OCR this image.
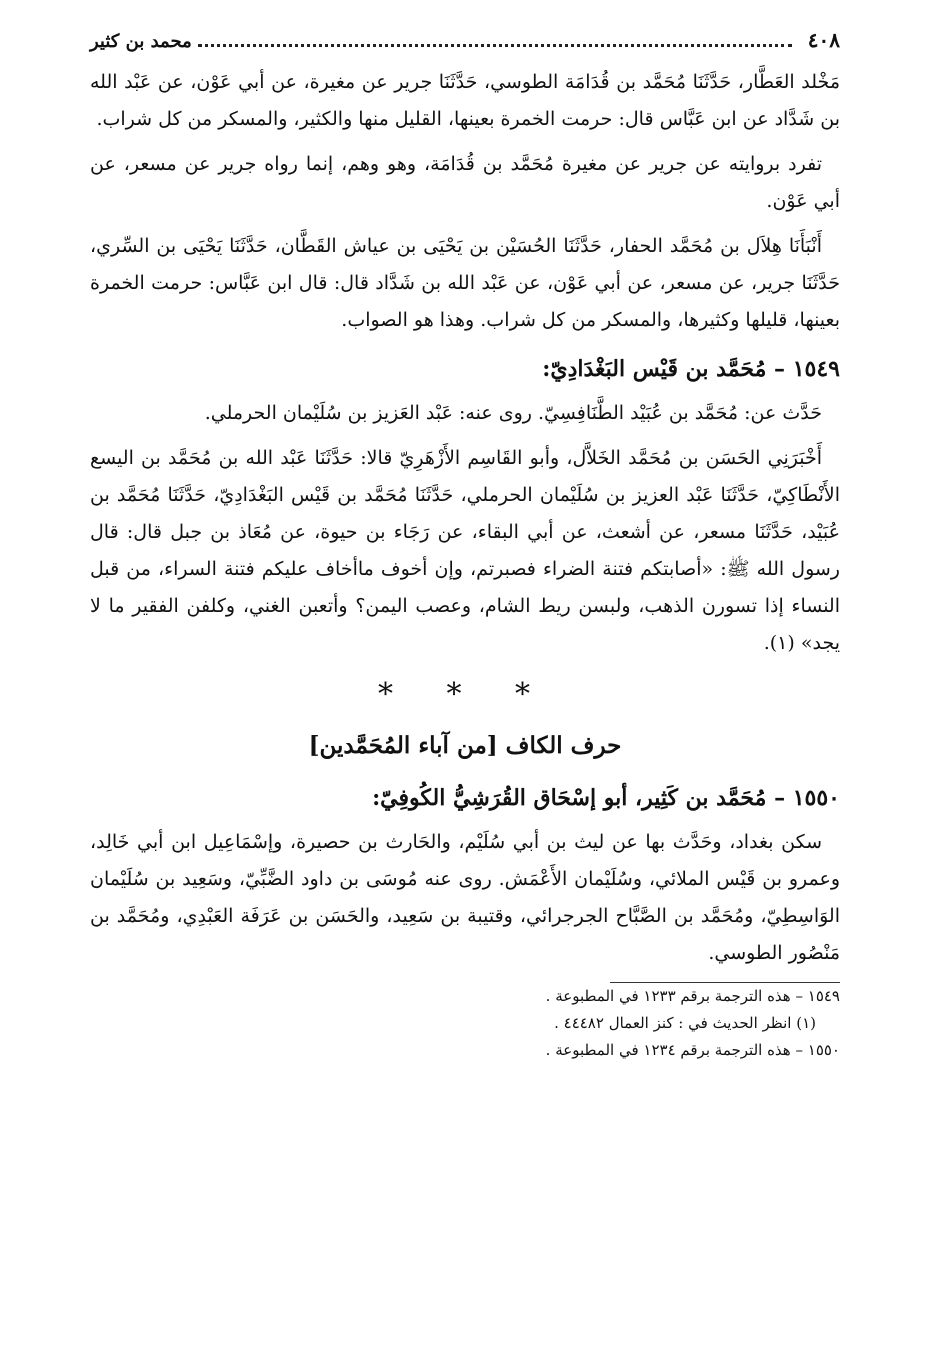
٤٠٨
محمد بن كثير

مَخْلد العَطَّار، حَدَّثَنَا مُحَمَّد بن قُدَامَة الطوسي، حَدَّثَنَا جرير عن مغيرة، عن أبي عَوْن، عن عَبْد الله بن شَدَّاد عن ابن عَبَّاس قال: حرمت الخمرة بعينها، القليل منها والكثير، والمسكر من كل شراب.

تفرد بروايته عن جرير عن مغيرة مُحَمَّد بن قُدَامَة، وهو وهم، إنما رواه جرير عن مسعر، عن أبي عَوْن.

أَنْبَأَنَا هِلاَل بن مُحَمَّد الحفار، حَدَّثَنَا الحُسَيْن بن يَحْيَى بن عياش القَطَّان، حَدَّثَنَا يَحْيَى بن السِّري، حَدَّثَنَا جرير، عن مسعر، عن أبي عَوْن، عن عَبْد الله بن شَدَّاد قال: قال ابن عَبَّاس: حرمت الخمرة بعينها، قليلها وكثيرها، والمسكر من كل شراب. وهذا هو الصواب.

١٥٤٩ – مُحَمَّد بن قَيْس البَغْدَادِيّ:

حَدَّث عن: مُحَمَّد بن عُبَيْد الطَّنَافِسِيّ. روى عنه: عَبْد العَزيز بن سُلَيْمان الحرملي.

أَخْبَرَنِي الحَسَن بن مُحَمَّد الخَلاَّل، وأبو القَاسِم الأَزْهَرِيّ قالا: حَدَّثَنَا عَبْد الله بن مُحَمَّد بن اليسع الأَنْطَاكِيّ، حَدَّثَنَا عَبْد العزيز بن سُلَيْمان الحرملي، حَدَّثَنَا مُحَمَّد بن قَيْس البَغْدَادِيّ، حَدَّثَنَا مُحَمَّد بن عُبَيْد، حَدَّثَنَا مسعر، عن أشعث، عن أبي البقاء، عن رَجَاء بن حيوة، عن مُعَاذ بن جبل قال: قال رسول الله ﷺ: «أصابتكم فتنة الضراء فصبرتم، وإن أخوف ماأخاف عليكم فتنة السراء، من قبل النساء إذا تسورن الذهب، ولبسن ريط الشام، وعصب اليمن؟ وأتعبن الغني، وكلفن الفقير ما لا يجد» (١).

* * *
حرف الكاف [من آباء المُحَمَّدين]
١٥٥٠ – مُحَمَّد بن كَثِير، أبو إسْحَاق القُرَشِيُّ الكُوفِيّ:

سكن بغداد، وحَدَّث بها عن ليث بن أبي سُلَيْم، والحَارث بن حصيرة، وإسْمَاعِيل ابن أبي خَالِد، وعمرو بن قَيْس الملائي، وسُلَيْمان الأَعْمَش. روى عنه مُوسَى بن داود الضَّبِّيّ، وسَعِيد بن سُلَيْمان الوَاسِطِيّ، ومُحَمَّد بن الصَّبَّاح الجرجرائي، وقتيبة بن سَعِيد، والحَسَن بن عَرَفَة العَبْدِي، ومُحَمَّد بن مَنْصُور الطوسي.

١٥٤٩ – هذه الترجمة برقم ١٢٣٣ في المطبوعة .

(١) انظر الحديث في : كنز العمال ٤٤٤٨٢ .

١٥٥٠ – هذه الترجمة برقم ١٢٣٤ في المطبوعة .
